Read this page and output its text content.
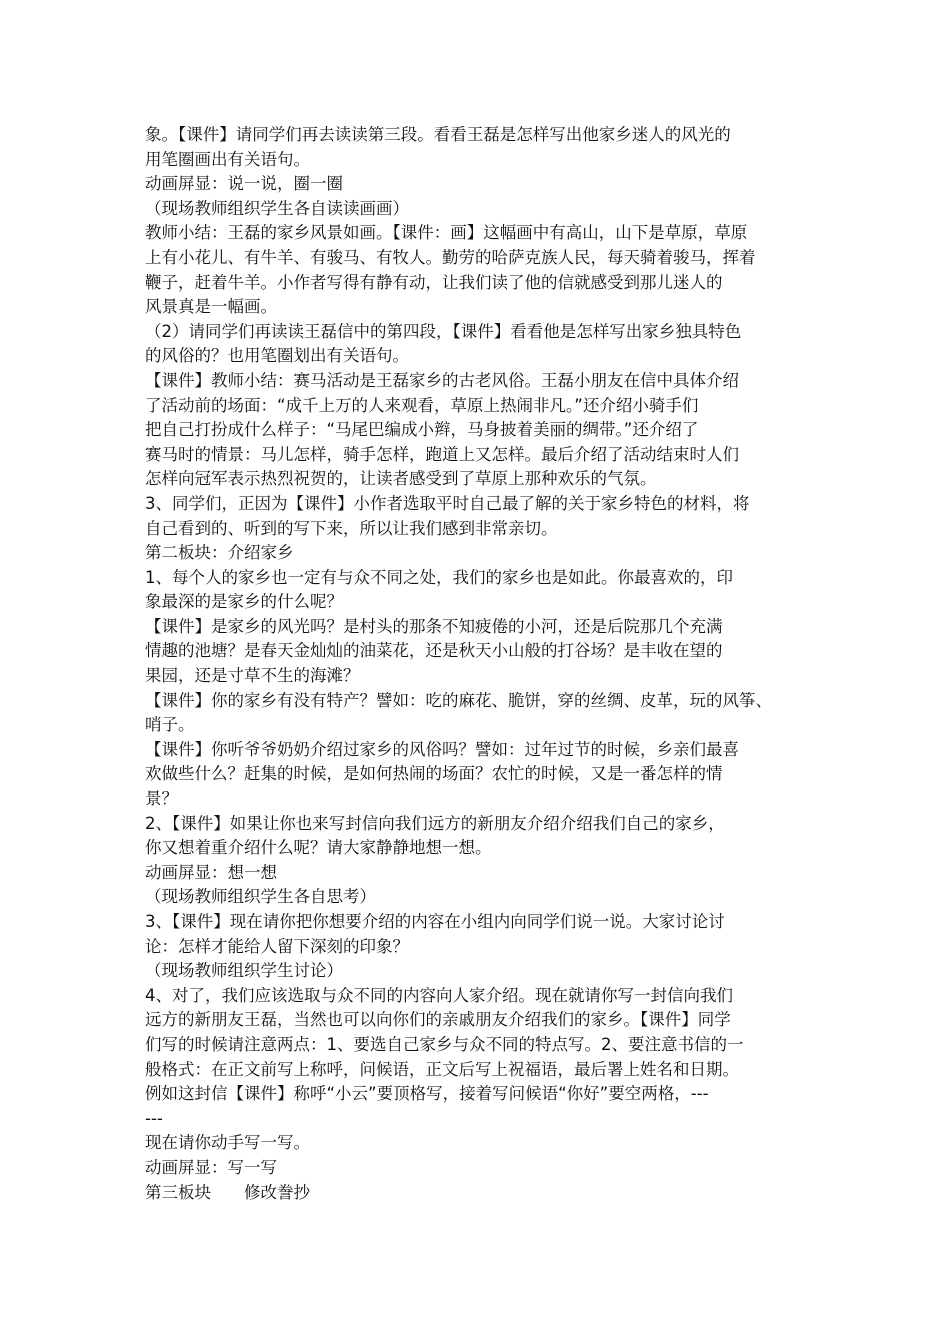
象。【课件】请同学们再去读读第三段。看看王磊是怎样写出他家乡迷人的风光的
用笔圈画出有关语句。
动画屏显：说一说，圈一圈
（现场教师组织学生各自读读画画）
教师小结：王磊的家乡风景如画。【课件：画】这幅画中有高山，山下是草原，草原
上有小花儿、有牛羊、有骏马、有牧人。勤劳的哈萨克族人民，每天骑着骏马，挥着
鞭子，赶着牛羊。小作者写得有静有动，让我们读了他的信就感受到那儿迷人的
风景真是一幅画。
（2）请同学们再读读王磊信中的第四段，【课件】看看他是怎样写出家乡独具特色
的风俗的？也用笔圈划出有关语句。
【课件】教师小结：赛马活动是王磊家乡的古老风俗。王磊小朋友在信中具体介绍
了活动前的场面：“成千上万的人来观看，草原上热闹非凡。”还介绍小骑手们
把自己打扮成什么样子：“马尾巴编成小辫，马身披着美丽的绸带。”还介绍了
赛马时的情景：马儿怎样，骑手怎样，跑道上又怎样。最后介绍了活动结束时人们
怎样向冠军表示热烈祝贺的，让读者感受到了草原上那种欢乐的气氛。
3、同学们，正因为【课件】小作者选取平时自己最了解的关于家乡特色的材料，将
自己看到的、听到的写下来，所以让我们感到非常亲切。
第二板块：介绍家乡
1、每个人的家乡也一定有与众不同之处，我们的家乡也是如此。你最喜欢的，印
象最深的是家乡的什么呢？
【课件】是家乡的风光吗？是村头的那条不知疲倦的小河，还是后院那几个充满
情趣的池塘？是春天金灿灿的油菜花，还是秋天小山般的打谷场？是丰收在望的
果园，还是寸草不生的海滩？
【课件】你的家乡有没有特产？譬如：吃的麻花、脆饼，穿的丝绸、皮革，玩的风筝、
哨子。
【课件】你听爷爷奶奶介绍过家乡的风俗吗？譬如：过年过节的时候，乡亲们最喜
欢做些什么？赶集的时候，是如何热闹的场面？农忙的时候，又是一番怎样的情
景？
2、【课件】如果让你也来写封信向我们远方的新朋友介绍介绍我们自己的家乡，
你又想着重介绍什么呢？请大家静静地想一想。
动画屏显：想一想
（现场教师组织学生各自思考）
3、【课件】现在请你把你想要介绍的内容在小组内向同学们说一说。大家讨论讨
论：怎样才能给人留下深刻的印象？
（现场教师组织学生讨论）
4、对了，我们应该选取与众不同的内容向人家介绍。现在就请你写一封信向我们
远方的新朋友王磊，当然也可以向你们的亲戚朋友介绍我们的家乡。【课件】同学
们写的时候请注意两点：1、要选自己家乡与众不同的特点写。2、要注意书信的一
般格式：在正文前写上称呼，问候语，正文后写上祝福语，最后署上姓名和日期。
例如这封信【课件】称呼“小云”要顶格写，接着写问候语“你好”要空两格，---
---
现在请你动手写一写。
动画屏显：写一写
第三板块　　修改誊抄
